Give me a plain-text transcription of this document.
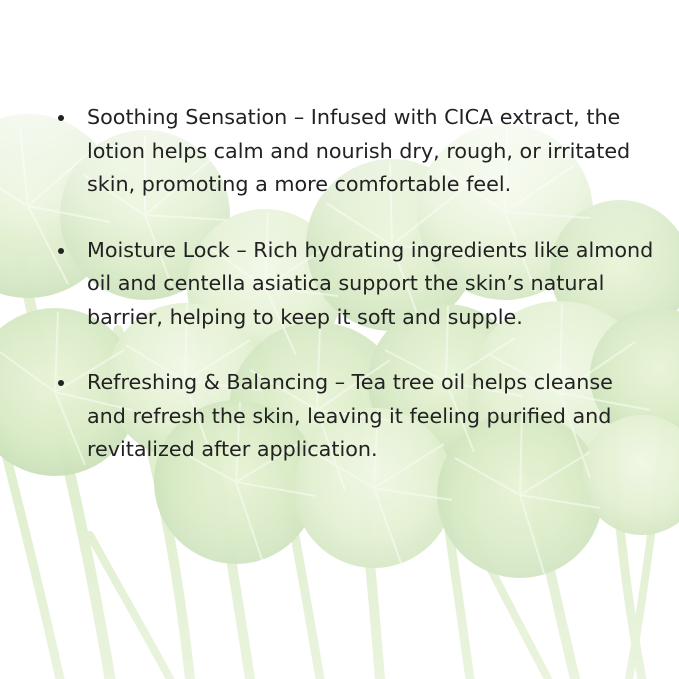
Soothing Sensation – Infused with CICA extract, the lotion helps calm and nourish dry, rough, or irritated skin, promoting a more comfortable feel.
Moisture Lock – Rich hydrating ingredients like almond oil and centella asiatica support the skin’s natural barrier, helping to keep it soft and supple.
Refreshing & Balancing – Tea tree oil helps cleanse and refresh the skin, leaving it feeling purified and revitalized after application.
